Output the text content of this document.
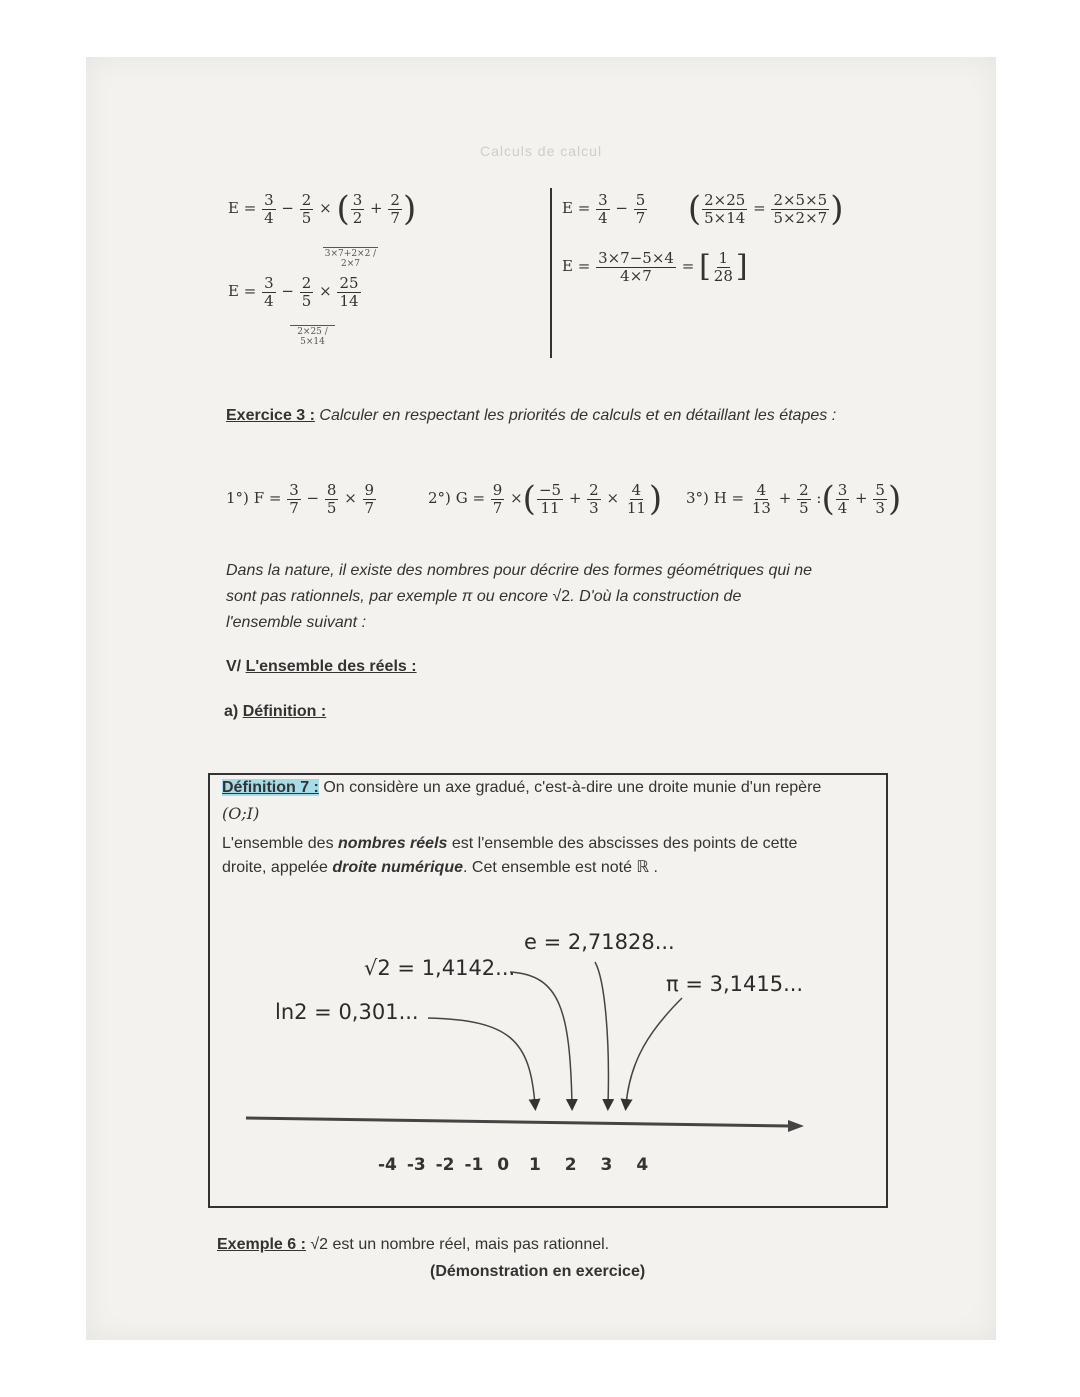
Calculs de calcul
$E = \frac{3}{4} - \frac{2}{5}$ × ( $\frac{3}{2} + \frac{2}{7}$ )
3×7+2×2 / 2×7
$E = \frac{3}{4} - \frac{2}{5} \times \frac{25}{14}$
2×25 / 5×14
$E = \frac{3}{4} - \frac{5}{7}$ ( $\frac{2\times 25}{5\times 14} = \frac{2\times 5\times 5}{5\times 2\times 7}$ )
$E = \frac{3\times 7-5\times 4}{4\times 7}$ = [ $\frac{1}{28}$ ]
Exercice 3 : Calculer en respectant les priorités de calculs et en détaillant les étapes :
1°) $F = \frac{3}{7} - \frac{8}{5} \times \frac{9}{7}$	2°) $G = \frac{9}{7}$ ×( $\frac{-5}{11} + \frac{2}{3} \times \frac{4}{11}$ ) 3°) $H = \frac{4}{13} + \frac{2}{5}$ :( $\frac{3}{4} + \frac{5}{3}$ )
Dans la nature, il existe des nombres pour décrire des formes géométriques qui ne
sont pas rationnels, par exemple π ou encore √2. D'où la construction de
l'ensemble suivant :
V/ L'ensemble des réels :
a) Définition :
Définition 7 : On considère un axe gradué, c'est-à-dire une droite munie d'un repère
(O;I)
L'ensemble des nombres réels est l'ensemble des abscisses des points de cette
droite, appelée droite numérique. Cet ensemble est noté ℝ .
e = 2,71828...
√2 = 1,4142...
π = 3,1415...
ln2 = 0,301...
-4 -3 -2 -1 0 1 2 3 4
Exemple 6 : √2 est un nombre réel, mais pas rationnel.
(Démonstration en exercice)
